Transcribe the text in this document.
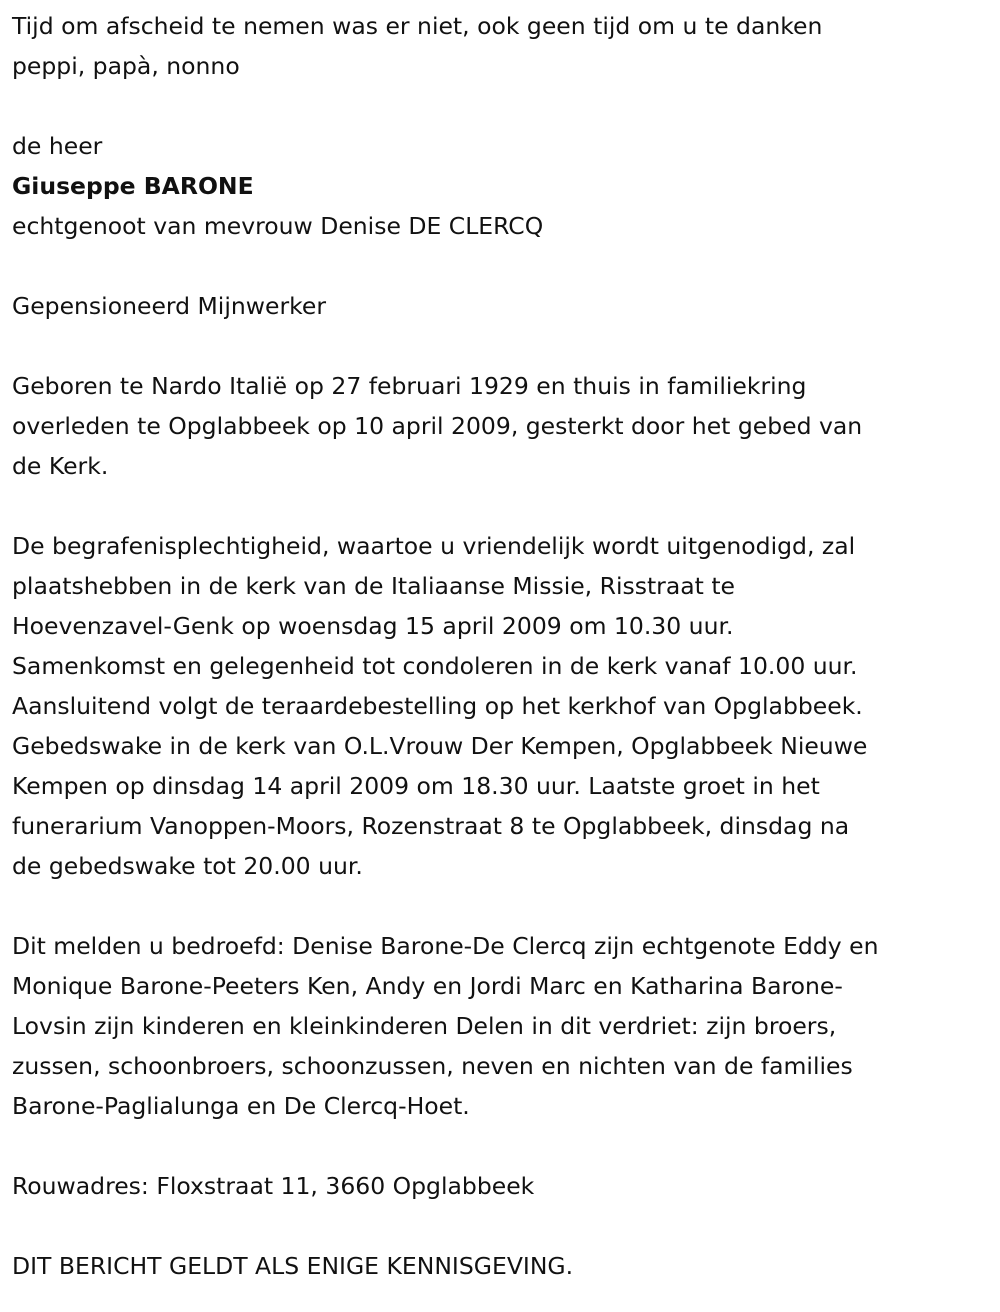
Tijd om afscheid te nemen was er niet, ook geen tijd om u te danken
peppi, papà, nonno
de heer
Giuseppe BARONE
echtgenoot van mevrouw Denise DE CLERCQ
Gepensioneerd Mijnwerker
Geboren te Nardo Italië op 27 februari 1929 en thuis in familiekring
overleden te Opglabbeek op 10 april 2009, gesterkt door het gebed van
de Kerk.
De begrafenisplechtigheid, waartoe u vriendelijk wordt uitgenodigd, zal
plaatshebben in de kerk van de Italiaanse Missie, Risstraat te
Hoevenzavel-Genk op woensdag 15 april 2009 om 10.30 uur.
Samenkomst en gelegenheid tot condoleren in de kerk vanaf 10.00 uur.
Aansluitend volgt de teraardebestelling op het kerkhof van Opglabbeek.
Gebedswake in de kerk van O.L.Vrouw Der Kempen, Opglabbeek Nieuwe
Kempen op dinsdag 14 april 2009 om 18.30 uur. Laatste groet in het
funerarium Vanoppen-Moors, Rozenstraat 8 te Opglabbeek, dinsdag na
de gebedswake tot 20.00 uur.
Dit melden u bedroefd: Denise Barone-De Clercq zijn echtgenote Eddy en
Monique Barone-Peeters Ken, Andy en Jordi Marc en Katharina Barone-
Lovsin zijn kinderen en kleinkinderen Delen in dit verdriet: zijn broers,
zussen, schoonbroers, schoonzussen, neven en nichten van de families
Barone-Paglialunga en De Clercq-Hoet.
Rouwadres: Floxstraat 11, 3660 Opglabbeek
DIT BERICHT GELDT ALS ENIGE KENNISGEVING.
